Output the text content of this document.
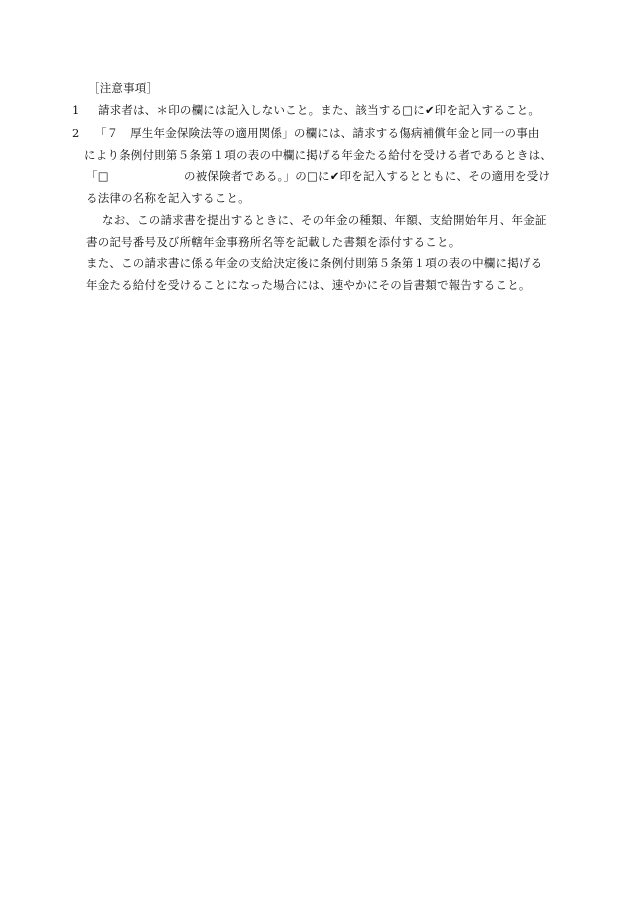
［注意事項］
1 請求者は、＊印の欄には記入しないこと。また、該当する□に✔印を記入すること。
2 「７　厚生年金保険法等の適用関係」の欄には、請求する傷病補償年金と同一の事由
により条例付則第５条第１項の表の中欄に掲げる年金たる給付を受ける者であるときは、
「□	の被保険者である。」の□に✔印を記入するとともに、その適用を受け
る法律の名称を記入すること。
なお、この請求書を提出するときに、その年金の種類、年額、支給開始年月、年金証
書の記号番号及び所轄年金事務所名等を記載した書類を添付すること。
また、この請求書に係る年金の支給決定後に条例付則第５条第１項の表の中欄に掲げる
年金たる給付を受けることになった場合には、速やかにその旨書類で報告すること。
